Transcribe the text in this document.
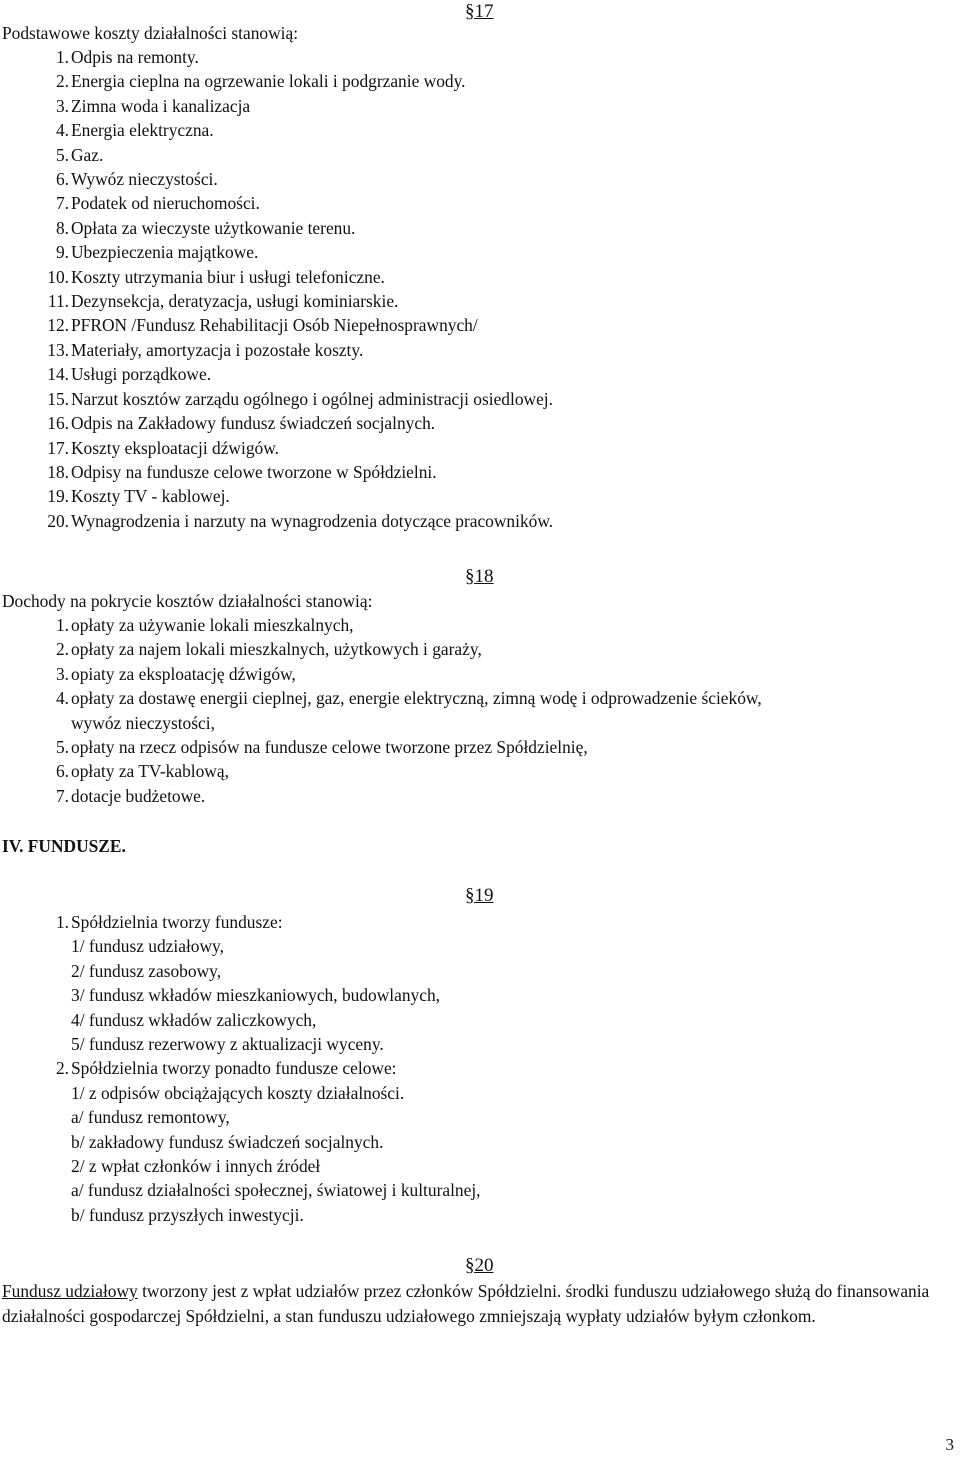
§17

Podstawowe koszty działalności stanowią:

1. Odpis na remonty.
2. Energia cieplna na ogrzewanie lokali i podgrzanie wody.
3. Zimna woda i kanalizacja
4. Energia elektryczna.
5. Gaz.
6. Wywóz nieczystości.
7. Podatek od nieruchomości.
8. Opłata za wieczyste użytkowanie terenu.
9. Ubezpieczenia majątkowe.
10. Koszty utrzymania biur i usługi telefoniczne.
11. Dezynsekcja, deratyzacja, usługi kominiarskie.
12. PFRON /Fundusz Rehabilitacji Osób Niepełnosprawnych/
13. Materiały, amortyzacja i pozostałe koszty.
14. Usługi porządkowe.
15. Narzut kosztów zarządu ogólnego i ogólnej administracji osiedlowej.
16. Odpis na Zakładowy fundusz świadczeń socjalnych.
17. Koszty eksploatacji dźwigów.
18. Odpisy na fundusze celowe tworzone w Spółdzielni.
19. Koszty TV - kablowej.
20. Wynagrodzenia i narzuty na wynagrodzenia dotyczące pracowników.
§18

Dochody na pokrycie kosztów działalności stanowią:

1. opłaty za używanie lokali mieszkalnych,
2. opłaty za najem lokali mieszkalnych, użytkowych i garaży,
3. opiaty za eksploatację dźwigów,
4. opłaty za dostawę energii cieplnej, gaz, energie elektryczną, zimną wodę i odprowadzenie ścieków,
wywóz nieczystości,
5. opłaty na rzecz odpisów na fundusze celowe tworzone przez Spółdzielnię,
6. opłaty za TV-kablową,
7. dotacje budżetowe.
IV. FUNDUSZE.
§19
1. Spółdzielnia tworzy fundusze:
1/ fundusz udziałowy,
2/ fundusz zasobowy,
3/ fundusz wkładów mieszkaniowych, budowlanych,
4/ fundusz wkładów zaliczkowych,
5/ fundusz rezerwowy z aktualizacji wyceny.
2. Spółdzielnia tworzy ponadto fundusze celowe:
1/ z odpisów obciążających koszty działalności.
a/ fundusz remontowy,
b/ zakładowy fundusz świadczeń socjalnych.
2/ z wpłat członków i innych źródeł
a/ fundusz działalności społecznej, światowej i kulturalnej,
b/ fundusz przyszłych inwestycji.
§20

Fundusz udziałowy tworzony jest z wpłat udziałów przez członków Spółdzielni. środki funduszu udziałowego służą do finansowania działalności gospodarczej Spółdzielni, a stan funduszu udziałowego zmniejszają wypłaty udziałów byłym członkom.

3
